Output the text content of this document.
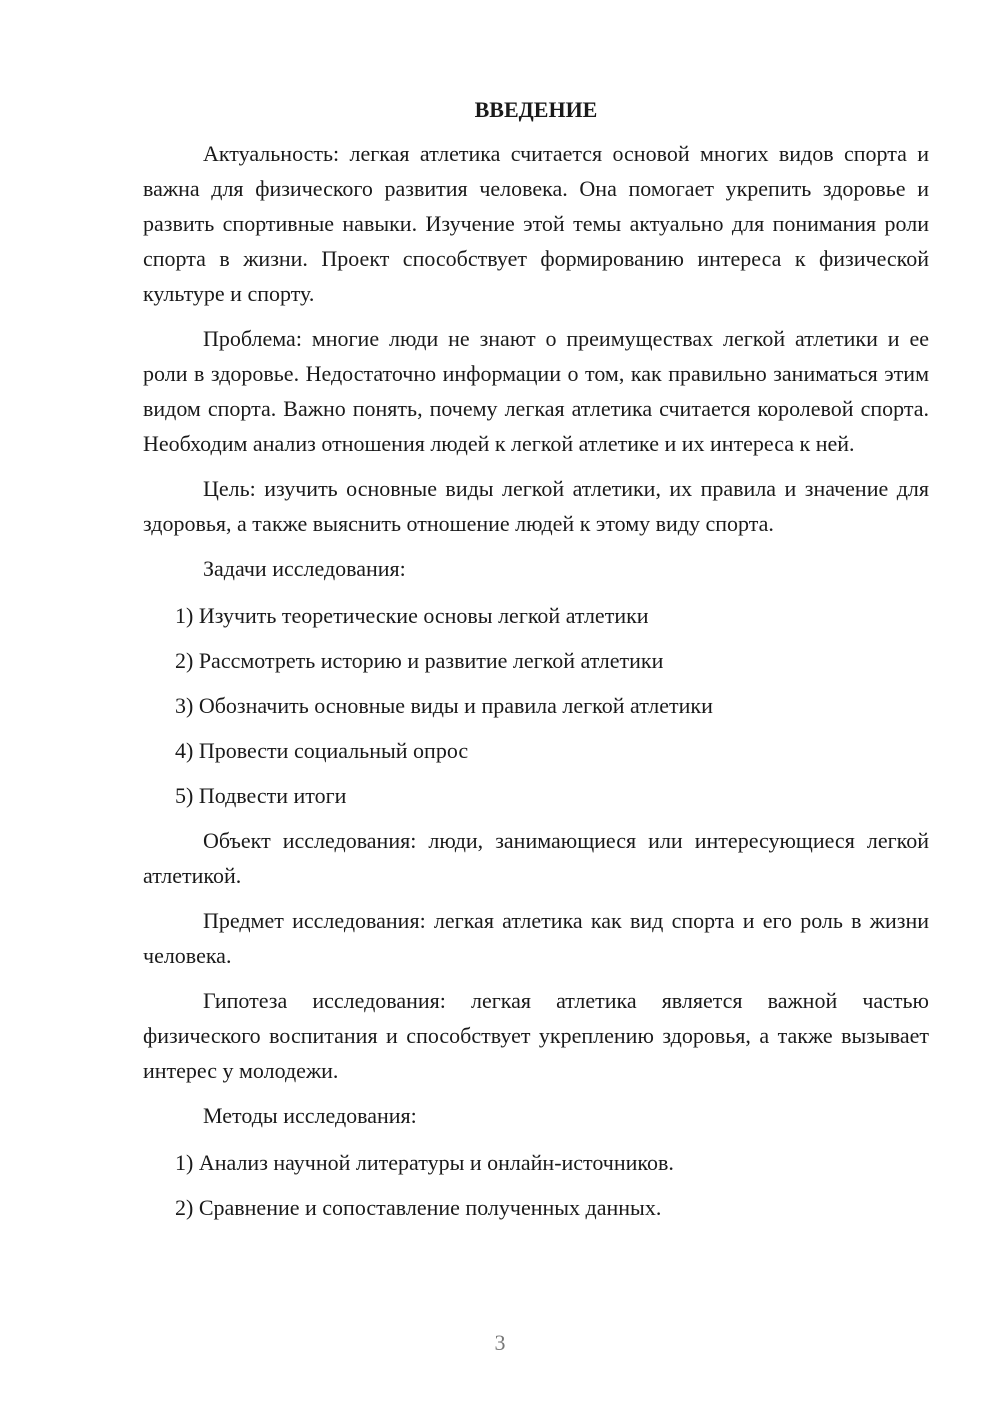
ВВЕДЕНИЕ

Актуальность: легкая атлетика считается основой многих видов спорта и важна для физического развития человека. Она помогает укрепить здоровье и развить спортивные навыки. Изучение этой темы актуально для понимания роли спорта в жизни. Проект способствует формированию интереса к физической культуре и спорту.

Проблема: многие люди не знают о преимуществах легкой атлетики и ее роли в здоровье. Недостаточно информации о том, как правильно заниматься этим видом спорта. Важно понять, почему легкая атлетика считается королевой спорта. Необходим анализ отношения людей к легкой атлетике и их интереса к ней.

Цель: изучить основные виды легкой атлетики, их правила и значение для здоровья, а также выяснить отношение людей к этому виду спорта.

Задачи исследования:

1) Изучить теоретические основы легкой атлетики
2) Рассмотреть историю и развитие легкой атлетики
3) Обозначить основные виды и правила легкой атлетики
4) Провести социальный опрос
5) Подвести итоги

Объект исследования: люди, занимающиеся или интересующиеся легкой атлетикой.

Предмет исследования: легкая атлетика как вид спорта и его роль в жизни человека.

Гипотеза исследования: легкая атлетика является важной частью физического воспитания и способствует укреплению здоровья, а также вызывает интерес у молодежи.

Методы исследования:

1) Анализ научной литературы и онлайн-источников.
2) Сравнение и сопоставление полученных данных.
3
